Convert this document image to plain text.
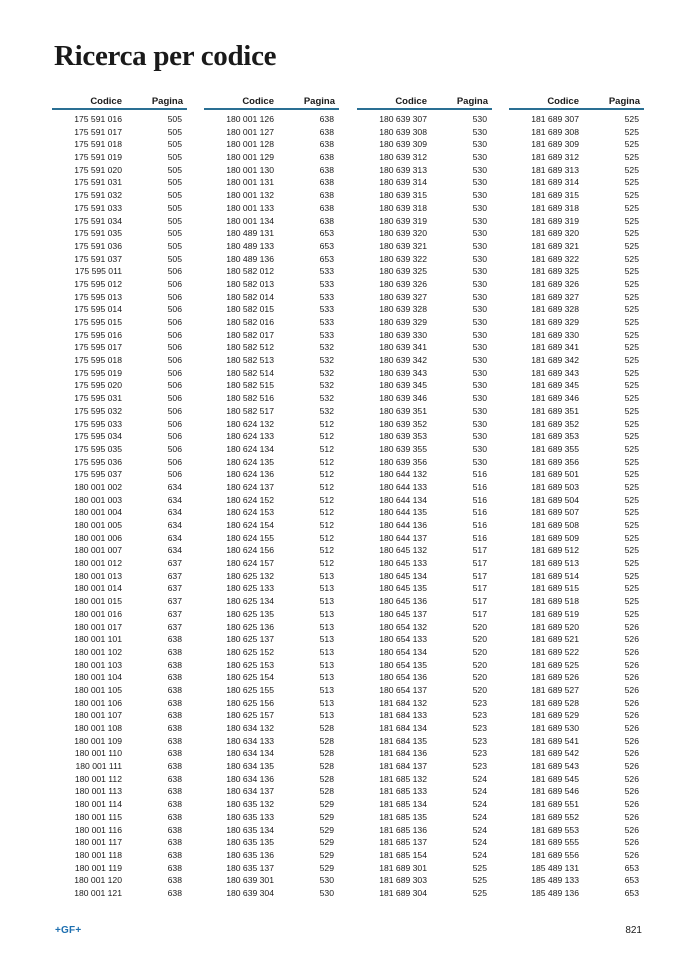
Ricerca per codice
Codice	Pagina
175 591 016	505
175 591 017	505
175 591 018	505
175 591 019	505
175 591 020	505
175 591 031	505
175 591 032	505
175 591 033	505
175 591 034	505
175 591 035	505
175 591 036	505
175 591 037	505
175 595 011	506
175 595 012	506
175 595 013	506
175 595 014	506
175 595 015	506
175 595 016	506
175 595 017	506
175 595 018	506
175 595 019	506
175 595 020	506
175 595 031	506
175 595 032	506
175 595 033	506
175 595 034	506
175 595 035	506
175 595 036	506
175 595 037	506
180 001 002	634
180 001 003	634
180 001 004	634
180 001 005	634
180 001 006	634
180 001 007	634
180 001 012	637
180 001 013	637
180 001 014	637
180 001 015	637
180 001 016	637
180 001 017	637
180 001 101	638
180 001 102	638
180 001 103	638
180 001 104	638
180 001 105	638
180 001 106	638
180 001 107	638
180 001 108	638
180 001 109	638
180 001 110	638
180 001 111	638
180 001 112	638
180 001 113	638
180 001 114	638
180 001 115	638
180 001 116	638
180 001 117	638
180 001 118	638
180 001 119	638
180 001 120	638
180 001 121	638
Codice	Pagina
180 001 126	638
180 001 127	638
180 001 128	638
180 001 129	638
180 001 130	638
180 001 131	638
180 001 132	638
180 001 133	638
180 001 134	638
180 489 131	653
180 489 133	653
180 489 136	653
180 582 012	533
180 582 013	533
180 582 014	533
180 582 015	533
180 582 016	533
180 582 017	533
180 582 512	532
180 582 513	532
180 582 514	532
180 582 515	532
180 582 516	532
180 582 517	532
180 624 132	512
180 624 133	512
180 624 134	512
180 624 135	512
180 624 136	512
180 624 137	512
180 624 152	512
180 624 153	512
180 624 154	512
180 624 155	512
180 624 156	512
180 624 157	512
180 625 132	513
180 625 133	513
180 625 134	513
180 625 135	513
180 625 136	513
180 625 137	513
180 625 152	513
180 625 153	513
180 625 154	513
180 625 155	513
180 625 156	513
180 625 157	513
180 634 132	528
180 634 133	528
180 634 134	528
180 634 135	528
180 634 136	528
180 634 137	528
180 635 132	529
180 635 133	529
180 635 134	529
180 635 135	529
180 635 136	529
180 635 137	529
180 639 301	530
180 639 304	530
Codice	Pagina
180 639 307	530
180 639 308	530
180 639 309	530
180 639 312	530
180 639 313	530
180 639 314	530
180 639 315	530
180 639 318	530
180 639 319	530
180 639 320	530
180 639 321	530
180 639 322	530
180 639 325	530
180 639 326	530
180 639 327	530
180 639 328	530
180 639 329	530
180 639 330	530
180 639 341	530
180 639 342	530
180 639 343	530
180 639 345	530
180 639 346	530
180 639 351	530
180 639 352	530
180 639 353	530
180 639 355	530
180 639 356	530
180 644 132	516
180 644 133	516
180 644 134	516
180 644 135	516
180 644 136	516
180 644 137	516
180 645 132	517
180 645 133	517
180 645 134	517
180 645 135	517
180 645 136	517
180 645 137	517
180 654 132	520
180 654 133	520
180 654 134	520
180 654 135	520
180 654 136	520
180 654 137	520
181 684 132	523
181 684 133	523
181 684 134	523
181 684 135	523
181 684 136	523
181 684 137	523
181 685 132	524
181 685 133	524
181 685 134	524
181 685 135	524
181 685 136	524
181 685 137	524
181 685 154	524
181 689 301	525
181 689 303	525
181 689 304	525
Codice	Pagina
181 689 307	525
181 689 308	525
181 689 309	525
181 689 312	525
181 689 313	525
181 689 314	525
181 689 315	525
181 689 318	525
181 689 319	525
181 689 320	525
181 689 321	525
181 689 322	525
181 689 325	525
181 689 326	525
181 689 327	525
181 689 328	525
181 689 329	525
181 689 330	525
181 689 341	525
181 689 342	525
181 689 343	525
181 689 345	525
181 689 346	525
181 689 351	525
181 689 352	525
181 689 353	525
181 689 355	525
181 689 356	525
181 689 501	525
181 689 503	525
181 689 504	525
181 689 507	525
181 689 508	525
181 689 509	525
181 689 512	525
181 689 513	525
181 689 514	525
181 689 515	525
181 689 518	525
181 689 519	525
181 689 520	526
181 689 521	526
181 689 522	526
181 689 525	526
181 689 526	526
181 689 527	526
181 689 528	526
181 689 529	526
181 689 530	526
181 689 541	526
181 689 542	526
181 689 543	526
181 689 545	526
181 689 546	526
181 689 551	526
181 689 552	526
181 689 553	526
181 689 555	526
181 689 556	526
185 489 131	653
185 489 133	653
185 489 136	653
+GF+	821
